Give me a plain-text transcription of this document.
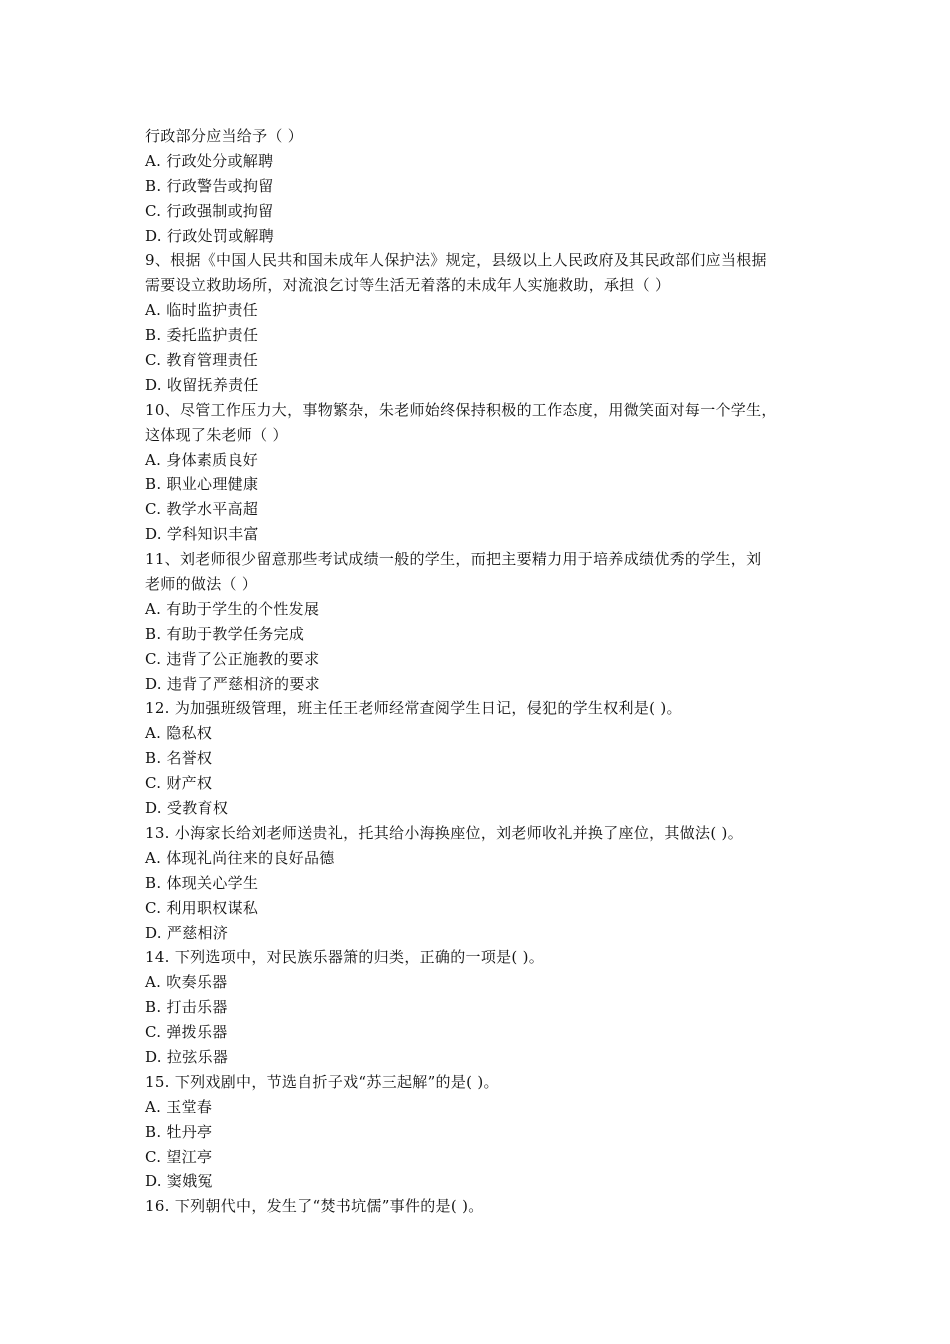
行政部分应当给予（ ）
A. 行政处分或解聘
B. 行政警告或拘留
C. 行政强制或拘留
D. 行政处罚或解聘
9、根据《中国人民共和国未成年人保护法》规定，县级以上人民政府及其民政部们应当根据
需要设立救助场所，对流浪乞讨等生活无着落的未成年人实施救助，承担（ ）
A. 临时监护责任
B. 委托监护责任
C. 教育管理责任
D. 收留抚养责任
10、尽管工作压力大，事物繁杂，朱老师始终保持积极的工作态度，用微笑面对每一个学生，
这体现了朱老师（ ）
A. 身体素质良好
B. 职业心理健康
C. 教学水平高超
D. 学科知识丰富
11、刘老师很少留意那些考试成绩一般的学生，而把主要精力用于培养成绩优秀的学生，刘
老师的做法（ ）
A. 有助于学生的个性发展
B. 有助于教学任务完成
C. 违背了公正施教的要求
D. 违背了严慈相济的要求
12. 为加强班级管理，班主任王老师经常查阅学生日记，侵犯的学生权利是( )。
A. 隐私权
B. 名誉权
C. 财产权
D. 受教育权
13. 小海家长给刘老师送贵礼，托其给小海换座位，刘老师收礼并换了座位，其做法( )。
A. 体现礼尚往来的良好品德
B. 体现关心学生
C. 利用职权谋私
D. 严慈相济
14. 下列选项中，对民族乐器箫的归类，正确的一项是( )。
A. 吹奏乐器
B. 打击乐器
C. 弹拨乐器
D. 拉弦乐器
15. 下列戏剧中，节选自折子戏“苏三起解”的是( )。
A. 玉堂春
B. 牡丹亭
C. 望江亭
D. 窦娥冤
16. 下列朝代中，发生了“焚书坑儒”事件的是( )。
